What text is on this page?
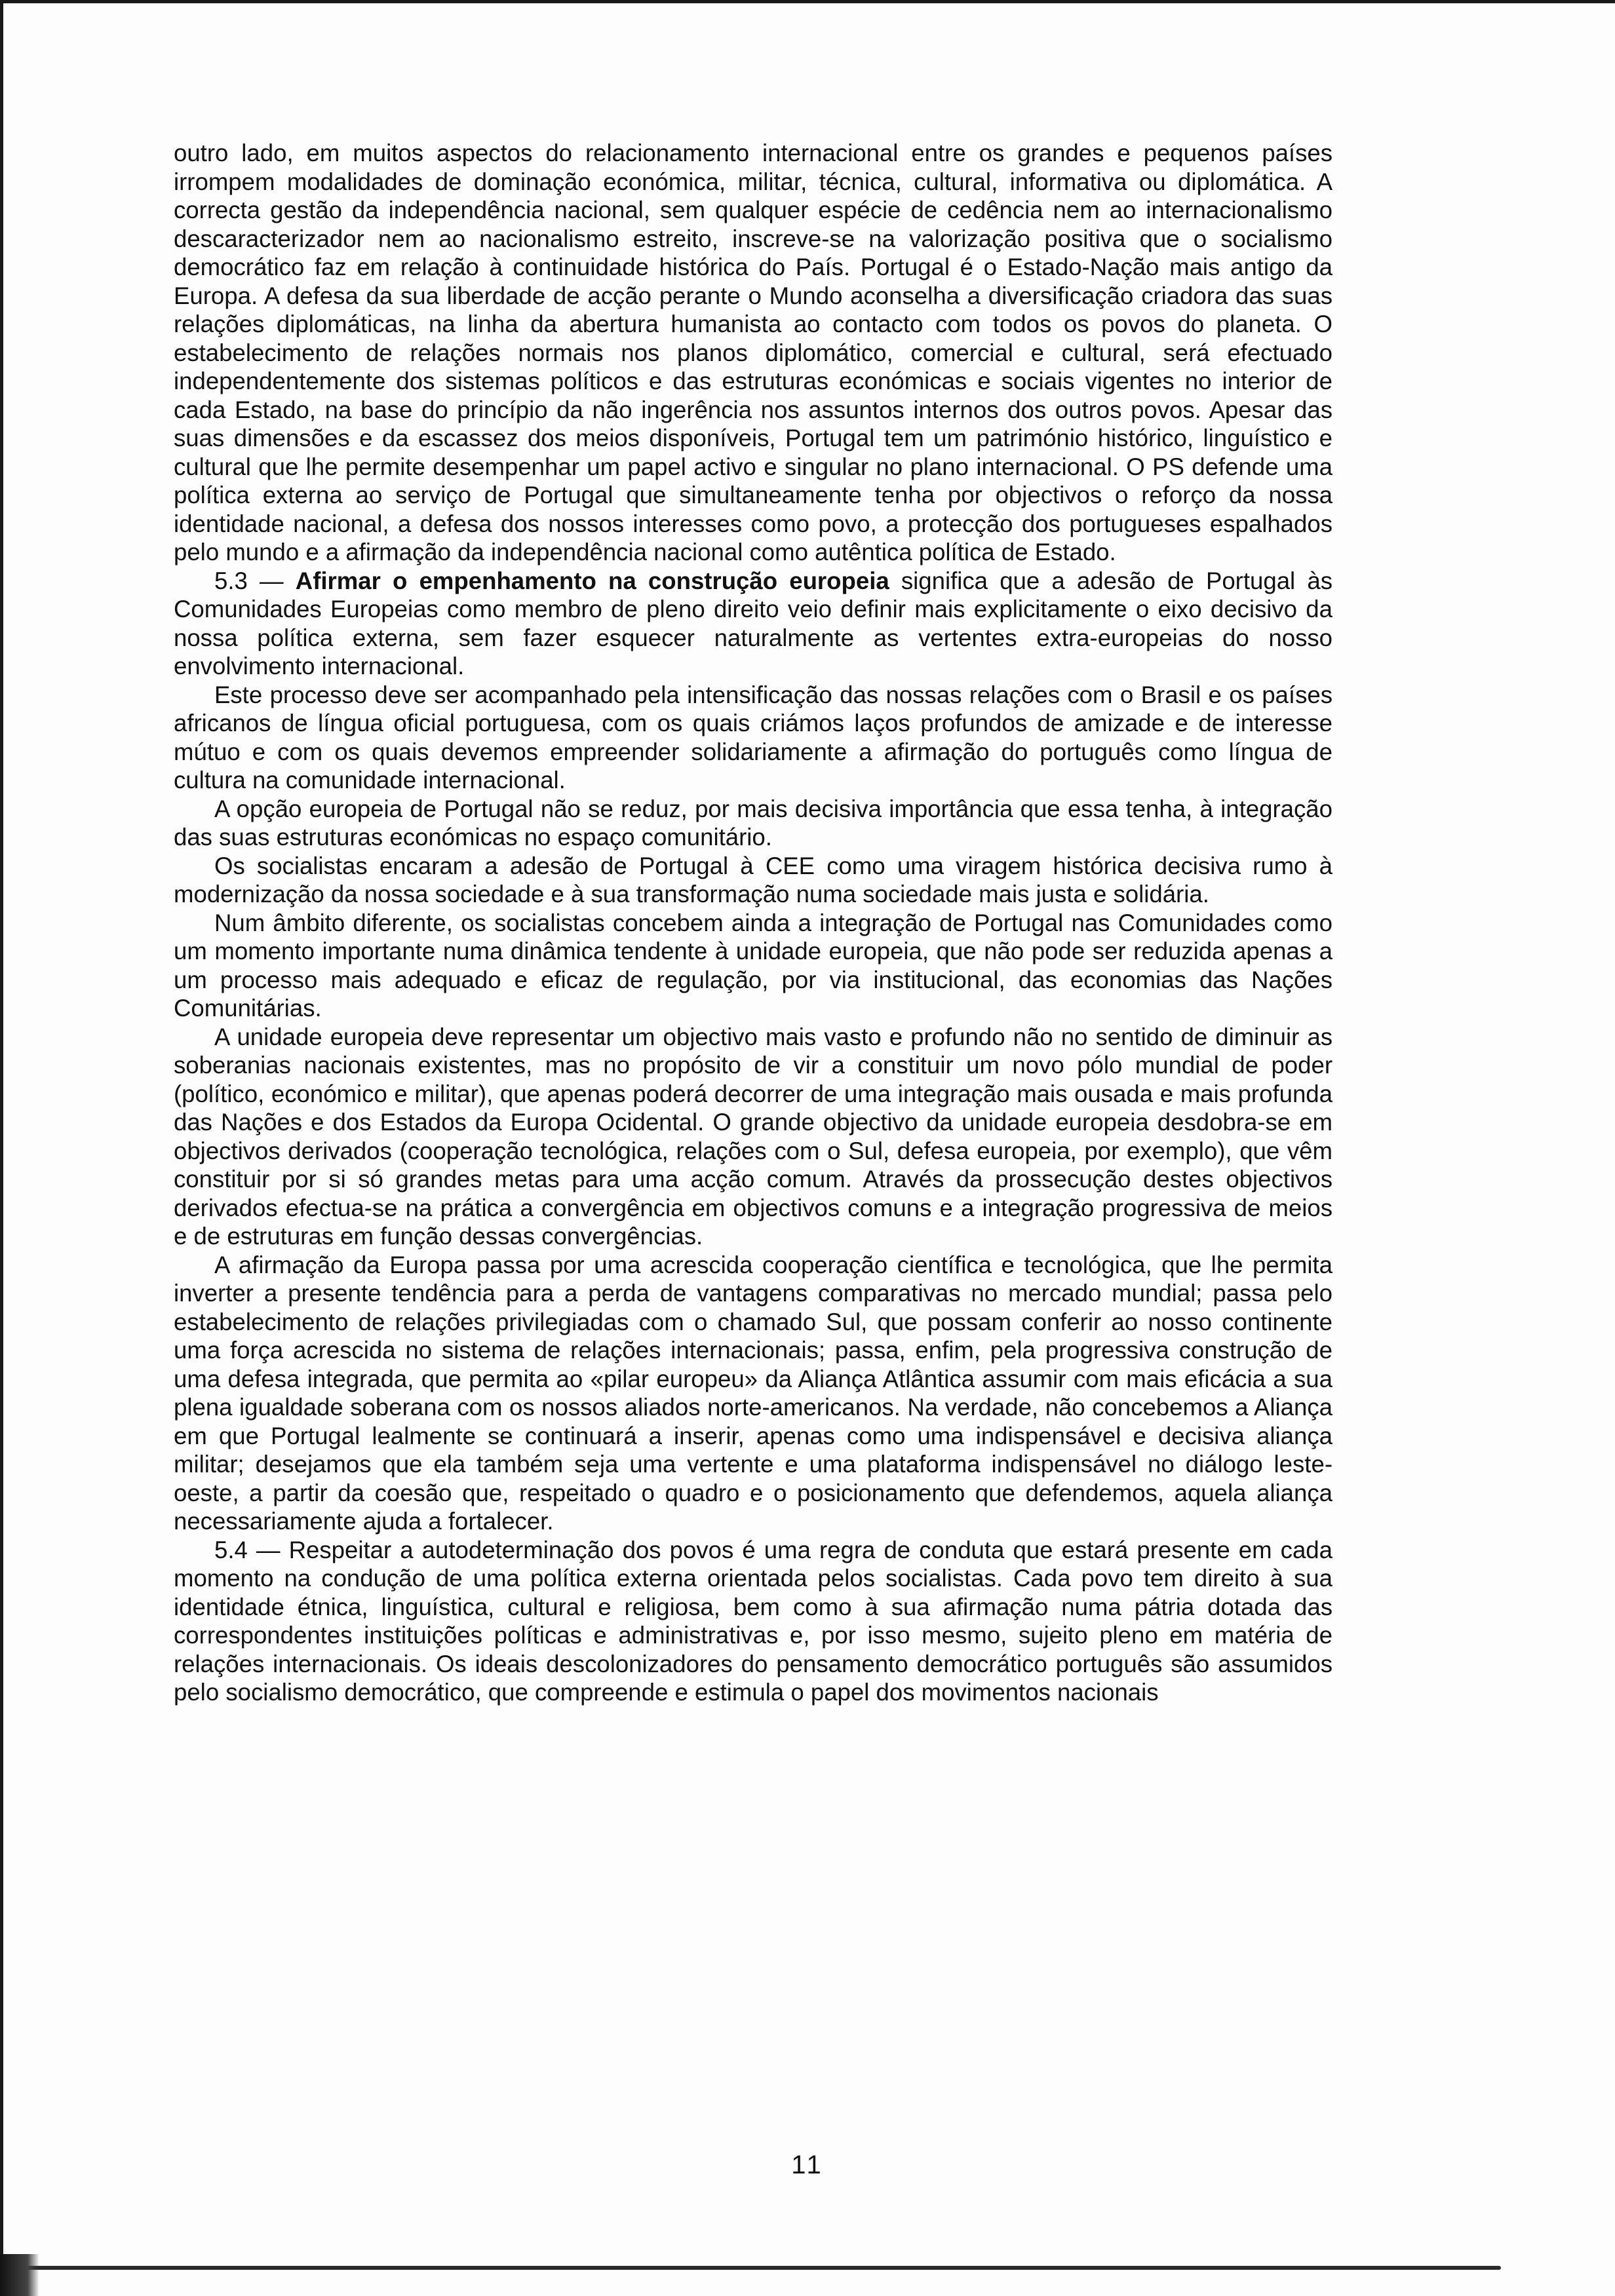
outro lado, em muitos aspectos do relacionamento internacional entre os grandes e pequenos países irrompem modalidades de dominação económica, militar, técnica, cultural, informativa ou diplomática. A correcta gestão da independência nacional, sem qualquer espécie de cedência nem ao internacionalismo descaracterizador nem ao nacionalismo estreito, inscreve-se na valorização positiva que o socialismo democrático faz em relação à continuidade histórica do País. Portugal é o Estado-Nação mais antigo da Europa. A defesa da sua liberdade de acção perante o Mundo aconselha a diversificação criadora das suas relações diplomáticas, na linha da abertura humanista ao contacto com todos os povos do planeta. O estabelecimento de relações normais nos planos diplomático, comercial e cultural, será efectuado independentemente dos sistemas políticos e das estruturas económicas e sociais vigentes no interior de cada Estado, na base do princípio da não ingerência nos assuntos internos dos outros povos. Apesar das suas dimensões e da escassez dos meios disponíveis, Portugal tem um património histórico, linguístico e cultural que lhe permite desempenhar um papel activo e singular no plano internacional. O PS defende uma política externa ao serviço de Portugal que simultaneamente tenha por objectivos o reforço da nossa identidade nacional, a defesa dos nossos interesses como povo, a protecção dos portugueses espalhados pelo mundo e a afirmação da independência nacional como autêntica política de Estado.

5.3 — Afirmar o empenhamento na construção europeia significa que a adesão de Portugal às Comunidades Europeias como membro de pleno direito veio definir mais explicitamente o eixo decisivo da nossa política externa, sem fazer esquecer naturalmente as vertentes extra-europeias do nosso envolvimento internacional.

Este processo deve ser acompanhado pela intensificação das nossas relações com o Brasil e os países africanos de língua oficial portuguesa, com os quais criámos laços profundos de amizade e de interesse mútuo e com os quais devemos empreender solidariamente a afirmação do português como língua de cultura na comunidade internacional.

A opção europeia de Portugal não se reduz, por mais decisiva importância que essa tenha, à integração das suas estruturas económicas no espaço comunitário.

Os socialistas encaram a adesão de Portugal à CEE como uma viragem histórica decisiva rumo à modernização da nossa sociedade e à sua transformação numa sociedade mais justa e solidária.

Num âmbito diferente, os socialistas concebem ainda a integração de Portugal nas Comunidades como um momento importante numa dinâmica tendente à unidade europeia, que não pode ser reduzida apenas a um processo mais adequado e eficaz de regulação, por via institucional, das economias das Nações Comunitárias.

A unidade europeia deve representar um objectivo mais vasto e profundo não no sentido de diminuir as soberanias nacionais existentes, mas no propósito de vir a constituir um novo pólo mundial de poder (político, económico e militar), que apenas poderá decorrer de uma integração mais ousada e mais profunda das Nações e dos Estados da Europa Ocidental. O grande objectivo da unidade europeia desdobra-se em objectivos derivados (cooperação tecnológica, relações com o Sul, defesa europeia, por exemplo), que vêm constituir por si só grandes metas para uma acção comum. Através da prossecução destes objectivos derivados efectua-se na prática a convergência em objectivos comuns e a integração progressiva de meios e de estruturas em função dessas convergências.

A afirmação da Europa passa por uma acrescida cooperação científica e tecnológica, que lhe permita inverter a presente tendência para a perda de vantagens comparativas no mercado mundial; passa pelo estabelecimento de relações privilegiadas com o chamado Sul, que possam conferir ao nosso continente uma força acrescida no sistema de relações internacionais; passa, enfim, pela progressiva construção de uma defesa integrada, que permita ao «pilar europeu» da Aliança Atlântica assumir com mais eficácia a sua plena igualdade soberana com os nossos aliados norte-americanos. Na verdade, não concebemos a Aliança em que Portugal lealmente se continuará a inserir, apenas como uma indispensável e decisiva aliança militar; desejamos que ela também seja uma vertente e uma plataforma indispensável no diálogo leste-oeste, a partir da coesão que, respeitado o quadro e o posicionamento que defendemos, aquela aliança necessariamente ajuda a fortalecer.

5.4 — Respeitar a autodeterminação dos povos é uma regra de conduta que estará presente em cada momento na condução de uma política externa orientada pelos socialistas. Cada povo tem direito à sua identidade étnica, linguística, cultural e religiosa, bem como à sua afirmação numa pátria dotada das correspondentes instituições políticas e administrativas e, por isso mesmo, sujeito pleno em matéria de relações internacionais. Os ideais descolonizadores do pensamento democrático português são assumidos pelo socialismo democrático, que compreende e estimula o papel dos movimentos nacionais

11
